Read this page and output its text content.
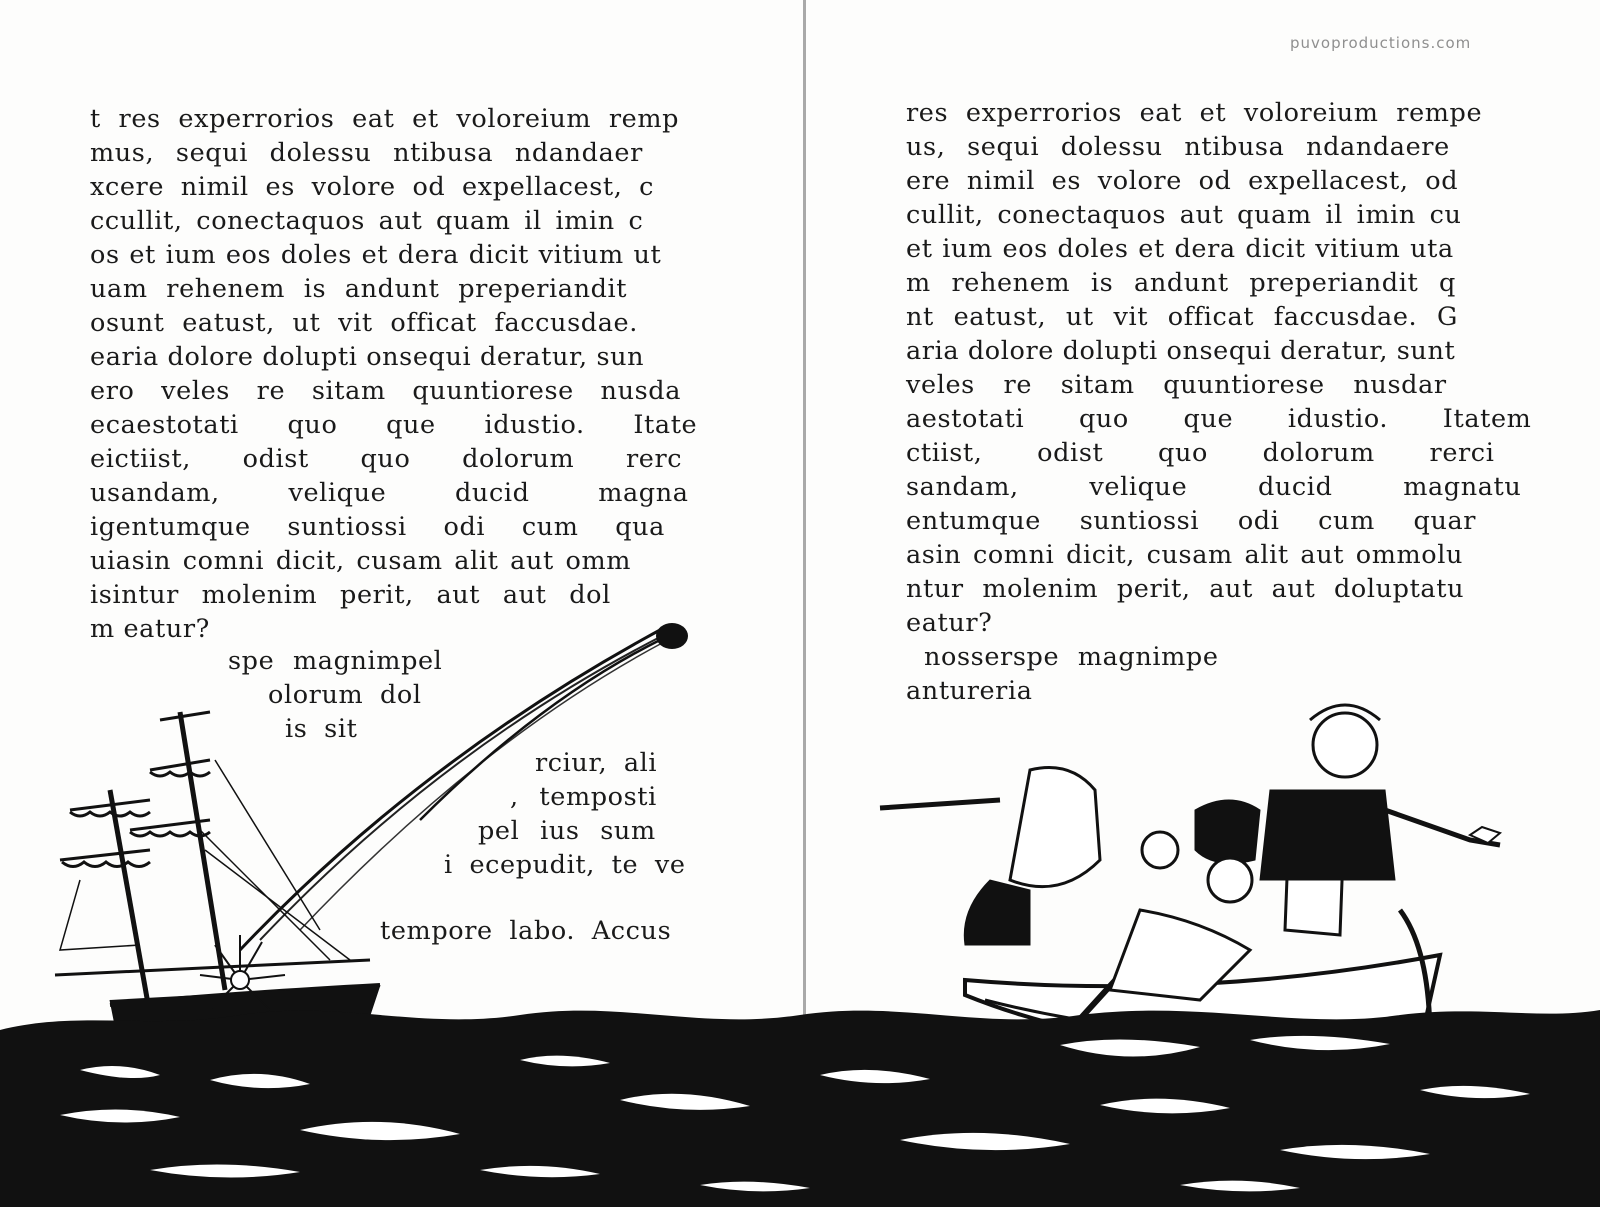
t res experrorios eat et voloreium remp
mus, sequi dolessu ntibusa ndandaer
xcere nimil es volore od expellacest, c
ccullit, conectaquos aut quam il imin c
os et ium eos doles et dera dicit vitium ut
uam rehenem is andunt preperiandit
osunt eatust, ut vit officat faccusdae.
earia dolore dolupti onsequi deratur, sun
ero veles re sitam quuntiorese nusda
ecaestotati quo que idustio. Itate
eictiist, odist quo dolorum rerc
usandam, velique ducid magna
igentumque suntiossi odi cum qua
uiasin comni dicit, cusam alit aut omm
isintur molenim perit, aut aut dol
m eatur?
spe magnimpel
olorum dol
is sit
rciur, ali
, temposti
pel ius sum
i ecepudit, te ve
tempore labo. Accus
res experrorios eat et voloreium rempe
us, sequi dolessu ntibusa ndandaere
ere nimil es volore od expellacest, od
cullit, conectaquos aut quam il imin cu
et ium eos doles et dera dicit vitium uta
m rehenem is andunt preperiandit q
nt eatust, ut vit officat faccusdae. G
aria dolore dolupti onsequi deratur, sunt
veles re sitam quuntiorese nusdar
aestotati quo que idustio. Itatem
ctiist, odist quo dolorum rerci
sandam, velique ducid magnatu
entumque suntiossi odi cum quar
asin comni dicit, cusam alit aut ommolu
ntur molenim perit, aut aut doluptatu
eatur?
nosserspe magnimpe
antureria
puvoproductions.com
